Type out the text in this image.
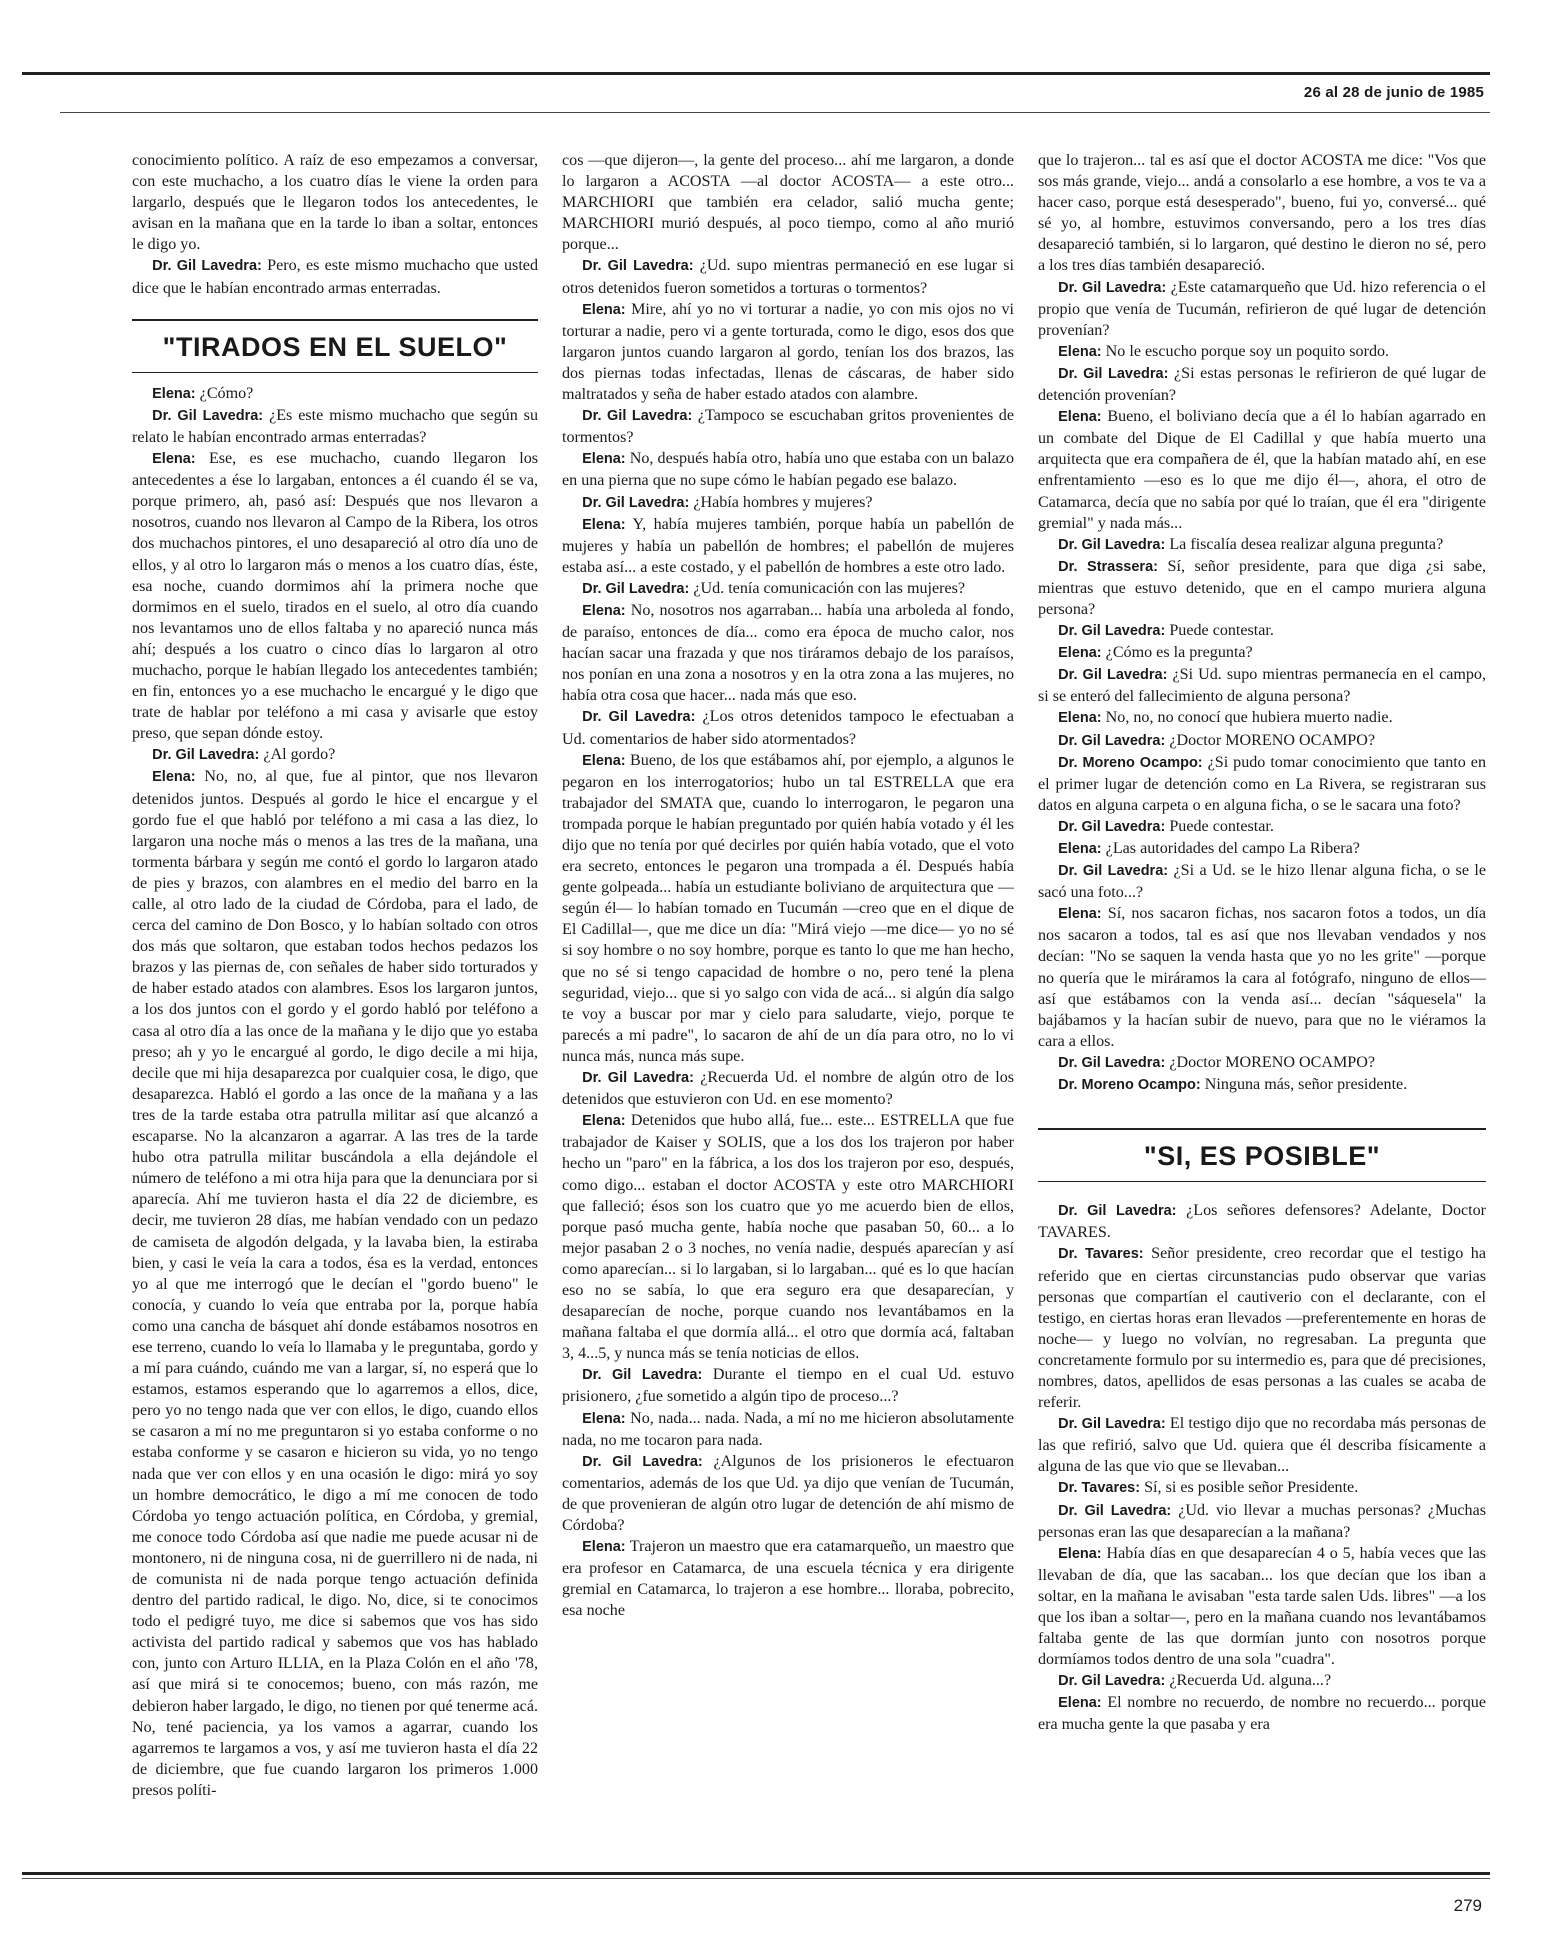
26 al 28 de junio de 1985

conocimiento político. A raíz de eso empezamos a conversar, con este muchacho, a los cuatro días le viene la orden para largarlo, después que le llegaron todos los antecedentes, le avisan en la mañana que en la tarde lo iban a soltar, entonces le digo yo.

Dr. Gil Lavedra: Pero, es este mismo muchacho que usted dice que le habían encontrado armas enterradas.

"TIRADOS EN EL SUELO"

Elena: ¿Cómo?

Dr. Gil Lavedra: ¿Es este mismo muchacho que según su relato le habían encontrado armas enterradas?

Elena: Ese, es ese muchacho, cuando llegaron los antecedentes a ése lo largaban, entonces a él cuando él se va, porque primero, ah, pasó así: Después que nos llevaron a nosotros, cuando nos llevaron al Campo de la Ribera, los otros dos muchachos pintores, el uno desapareció al otro día uno de ellos, y al otro lo largaron más o menos a los cuatro días, éste, esa noche, cuando dormimos ahí la primera noche que dormimos en el suelo, tirados en el suelo, al otro día cuando nos levantamos uno de ellos faltaba y no apareció nunca más ahí; después a los cuatro o cinco días lo largaron al otro muchacho, porque le habían llegado los antecedentes también; en fin, entonces yo a ese muchacho le encargué y le digo que trate de hablar por teléfono a mi casa y avisarle que estoy preso, que sepan dónde estoy.

Dr. Gil Lavedra: ¿Al gordo?

Elena: No, no, al que, fue al pintor, que nos llevaron detenidos juntos. Después al gordo le hice el encargue y el gordo fue el que habló por teléfono a mi casa a las diez, lo largaron una noche más o menos a las tres de la mañana, una tormenta bárbara y según me contó el gordo lo largaron atado de pies y brazos, con alambres en el medio del barro en la calle, al otro lado de la ciudad de Córdoba, para el lado, de cerca del camino de Don Bosco, y lo habían soltado con otros dos más que soltaron, que estaban todos hechos pedazos los brazos y las piernas de, con señales de haber sido torturados y de haber estado atados con alambres. Esos los largaron juntos, a los dos juntos con el gordo y el gordo habló por teléfono a casa al otro día a las once de la mañana y le dijo que yo estaba preso; ah y yo le encargué al gordo, le digo decile a mi hija, decile que mi hija desaparezca por cualquier cosa, le digo, que desaparezca. Habló el gordo a las once de la mañana y a las tres de la tarde estaba otra patrulla militar así que alcanzó a escaparse. No la alcanzaron a agarrar. A las tres de la tarde hubo otra patrulla militar buscándola a ella dejándole el número de teléfono a mi otra hija para que la denunciara por si aparecía. Ahí me tuvieron hasta el día 22 de diciembre, es decir, me tuvieron 28 días, me habían vendado con un pedazo de camiseta de algodón delgada, y la lavaba bien, la estiraba bien, y casi le veía la cara a todos, ésa es la verdad, entonces yo al que me interrogó que le decían el "gordo bueno" le conocía, y cuando lo veía que entraba por la, porque había como una cancha de básquet ahí donde estábamos nosotros en ese terreno, cuando lo veía lo llamaba y le preguntaba, gordo y a mí para cuándo, cuándo me van a largar, sí, no esperá que lo estamos, estamos esperando que lo agarremos a ellos, dice, pero yo no tengo nada que ver con ellos, le digo, cuando ellos se casaron a mí no me preguntaron si yo estaba conforme o no estaba conforme y se casaron e hicieron su vida, yo no tengo nada que ver con ellos y en una ocasión le digo: mirá yo soy un hombre democrático, le digo a mí me conocen de todo Córdoba yo tengo actuación política, en Córdoba, y gremial, me conoce todo Córdoba así que nadie me puede acusar ni de montonero, ni de ninguna cosa, ni de guerrillero ni de nada, ni de comunista ni de nada porque tengo actuación definida dentro del partido radical, le digo. No, dice, si te conocimos todo el pedigré tuyo, me dice si sabemos que vos has sido activista del partido radical y sabemos que vos has hablado con, junto con Arturo ILLIA, en la Plaza Colón en el año '78, así que mirá si te conocemos; bueno, con más razón, me debieron haber largado, le digo, no tienen por qué tenerme acá. No, tené paciencia, ya los vamos a agarrar, cuando los agarremos te largamos a vos, y así me tuvieron hasta el día 22 de diciembre, que fue cuando largaron los primeros 1.000 presos políti-

cos —que dijeron—, la gente del proceso... ahí me largaron, a donde lo largaron a ACOSTA —al doctor ACOSTA— a este otro... MARCHIORI que también era celador, salió mucha gente; MARCHIORI murió después, al poco tiempo, como al año murió porque...

Dr. Gil Lavedra: ¿Ud. supo mientras permaneció en ese lugar si otros detenidos fueron sometidos a torturas o tormentos?

Elena: Mire, ahí yo no vi torturar a nadie, yo con mis ojos no vi torturar a nadie, pero vi a gente torturada, como le digo, esos dos que largaron juntos cuando largaron al gordo, tenían los dos brazos, las dos piernas todas infectadas, llenas de cáscaras, de haber sido maltratados y seña de haber estado atados con alambre.

Dr. Gil Lavedra: ¿Tampoco se escuchaban gritos provenientes de tormentos?

Elena: No, después había otro, había uno que estaba con un balazo en una pierna que no supe cómo le habían pegado ese balazo.

Dr. Gil Lavedra: ¿Había hombres y mujeres?

Elena: Y, había mujeres también, porque había un pabellón de mujeres y había un pabellón de hombres; el pabellón de mujeres estaba así... a este costado, y el pabellón de hombres a este otro lado.

Dr. Gil Lavedra: ¿Ud. tenía comunicación con las mujeres?

Elena: No, nosotros nos agarraban... había una arboleda al fondo, de paraíso, entonces de día... como era época de mucho calor, nos hacían sacar una frazada y que nos tiráramos debajo de los paraísos, nos ponían en una zona a nosotros y en la otra zona a las mujeres, no había otra cosa que hacer... nada más que eso.

Dr. Gil Lavedra: ¿Los otros detenidos tampoco le efectuaban a Ud. comentarios de haber sido atormentados?

Elena: Bueno, de los que estábamos ahí, por ejemplo, a algunos le pegaron en los interrogatorios; hubo un tal ESTRELLA que era trabajador del SMATA que, cuando lo interrogaron, le pegaron una trompada porque le habían preguntado por quién había votado y él les dijo que no tenía por qué decirles por quién había votado, que el voto era secreto, entonces le pegaron una trompada a él. Después había gente golpeada... había un estudiante boliviano de arquitectura que —según él— lo habían tomado en Tucumán —creo que en el dique de El Cadillal—, que me dice un día: "Mirá viejo —me dice— yo no sé si soy hombre o no soy hombre, porque es tanto lo que me han hecho, que no sé si tengo capacidad de hombre o no, pero tené la plena seguridad, viejo... que si yo salgo con vida de acá... si algún día salgo te voy a buscar por mar y cielo para saludarte, viejo, porque te parecés a mi padre", lo sacaron de ahí de un día para otro, no lo vi nunca más, nunca más supe.

Dr. Gil Lavedra: ¿Recuerda Ud. el nombre de algún otro de los detenidos que estuvieron con Ud. en ese momento?

Elena: Detenidos que hubo allá, fue... este... ESTRELLA que fue trabajador de Kaiser y SOLIS, que a los dos los trajeron por haber hecho un "paro" en la fábrica, a los dos los trajeron por eso, después, como digo... estaban el doctor ACOSTA y este otro MARCHIORI que falleció; ésos son los cuatro que yo me acuerdo bien de ellos, porque pasó mucha gente, había noche que pasaban 50, 60... a lo mejor pasaban 2 o 3 noches, no venía nadie, después aparecían y así como aparecían... si lo largaban, si lo largaban... qué es lo que hacían eso no se sabía, lo que era seguro era que desaparecían, y desaparecían de noche, porque cuando nos levantábamos en la mañana faltaba el que dormía allá... el otro que dormía acá, faltaban 3, 4...5, y nunca más se tenía noticias de ellos.

Dr. Gil Lavedra: Durante el tiempo en el cual Ud. estuvo prisionero, ¿fue sometido a algún tipo de proceso...?

Elena: No, nada... nada. Nada, a mí no me hicieron absolutamente nada, no me tocaron para nada.

Dr. Gil Lavedra: ¿Algunos de los prisioneros le efectuaron comentarios, además de los que Ud. ya dijo que venían de Tucumán, de que provenieran de algún otro lugar de detención de ahí mismo de Córdoba?

Elena: Trajeron un maestro que era catamarqueño, un maestro que era profesor en Catamarca, de una escuela técnica y era dirigente gremial en Catamarca, lo trajeron a ese hombre... lloraba, pobrecito, esa noche

que lo trajeron... tal es así que el doctor ACOSTA me dice: "Vos que sos más grande, viejo... andá a consolarlo a ese hombre, a vos te va a hacer caso, porque está desesperado", bueno, fui yo, conversé... qué sé yo, al hombre, estuvimos conversando, pero a los tres días desapareció también, si lo largaron, qué destino le dieron no sé, pero a los tres días también desapareció.

Dr. Gil Lavedra: ¿Este catamarqueño que Ud. hizo referencia o el propio que venía de Tucumán, refirieron de qué lugar de detención provenían?

Elena: No le escucho porque soy un poquito sordo.

Dr. Gil Lavedra: ¿Si estas personas le refirieron de qué lugar de detención provenían?

Elena: Bueno, el boliviano decía que a él lo habían agarrado en un combate del Dique de El Cadillal y que había muerto una arquitecta que era compañera de él, que la habían matado ahí, en ese enfrentamiento —eso es lo que me dijo él—, ahora, el otro de Catamarca, decía que no sabía por qué lo traían, que él era "dirigente gremial" y nada más...

Dr. Gil Lavedra: La fiscalía desea realizar alguna pregunta?

Dr. Strassera: Sí, señor presidente, para que diga ¿si sabe, mientras que estuvo detenido, que en el campo muriera alguna persona?

Dr. Gil Lavedra: Puede contestar.

Elena: ¿Cómo es la pregunta?

Dr. Gil Lavedra: ¿Si Ud. supo mientras permanecía en el campo, si se enteró del fallecimiento de alguna persona?

Elena: No, no, no conocí que hubiera muerto nadie.

Dr. Gil Lavedra: ¿Doctor MORENO OCAMPO?

Dr. Moreno Ocampo: ¿Si pudo tomar conocimiento que tanto en el primer lugar de detención como en La Rivera, se registraran sus datos en alguna carpeta o en alguna ficha, o se le sacara una foto?

Dr. Gil Lavedra: Puede contestar.

Elena: ¿Las autoridades del campo La Ribera?

Dr. Gil Lavedra: ¿Si a Ud. se le hizo llenar alguna ficha, o se le sacó una foto...?

Elena: Sí, nos sacaron fichas, nos sacaron fotos a todos, un día nos sacaron a todos, tal es así que nos llevaban vendados y nos decían: "No se saquen la venda hasta que yo no les grite" —porque no quería que le miráramos la cara al fotógrafo, ninguno de ellos— así que estábamos con la venda así... decían "sáquesela" la bajábamos y la hacían subir de nuevo, para que no le viéramos la cara a ellos.

Dr. Gil Lavedra: ¿Doctor MORENO OCAMPO?

Dr. Moreno Ocampo: Ninguna más, señor presidente.

"SI, ES POSIBLE"

Dr. Gil Lavedra: ¿Los señores defensores? Adelante, Doctor TAVARES.

Dr. Tavares: Señor presidente, creo recordar que el testigo ha referido que en ciertas circunstancias pudo observar que varias personas que compartían el cautiverio con el declarante, con el testigo, en ciertas horas eran llevados —preferentemente en horas de noche— y luego no volvían, no regresaban. La pregunta que concretamente formulo por su intermedio es, para que dé precisiones, nombres, datos, apellidos de esas personas a las cuales se acaba de referir.

Dr. Gil Lavedra: El testigo dijo que no recordaba más personas de las que refirió, salvo que Ud. quiera que él describa físicamente a alguna de las que vio que se llevaban...

Dr. Tavares: Sí, si es posible señor Presidente.

Dr. Gil Lavedra: ¿Ud. vio llevar a muchas personas? ¿Muchas personas eran las que desaparecían a la mañana?

Elena: Había días en que desaparecían 4 o 5, había veces que las llevaban de día, que las sacaban... los que decían que los iban a soltar, en la mañana le avisaban "esta tarde salen Uds. libres" —a los que los iban a soltar—, pero en la mañana cuando nos levantábamos faltaba gente de las que dormían junto con nosotros porque dormíamos todos dentro de una sola "cuadra".

Dr. Gil Lavedra: ¿Recuerda Ud. alguna...?

Elena: El nombre no recuerdo, de nombre no recuerdo... porque era mucha gente la que pasaba y era

279
